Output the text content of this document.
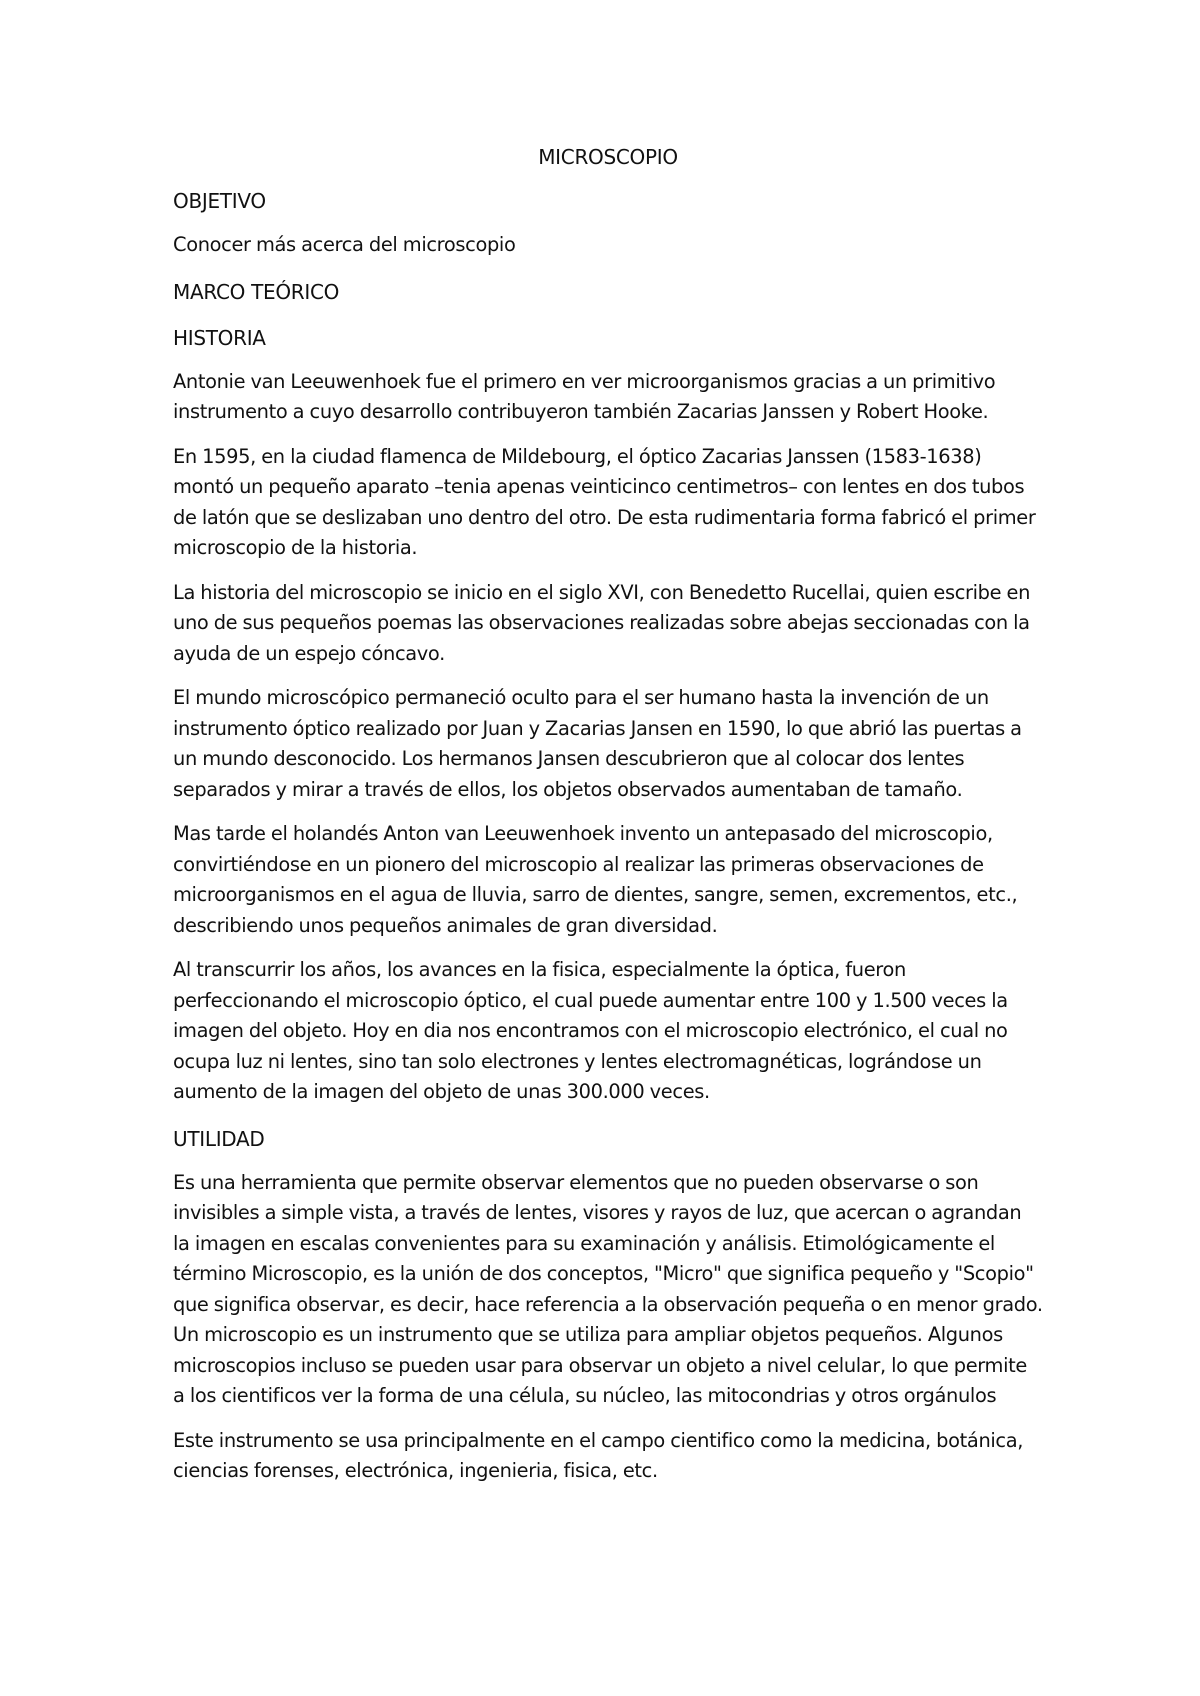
MICROSCOPIO
OBJETIVO

Conocer más acerca del microscopio

MARCO TEÓRICO
HISTORIA

Antonie van Leeuwenhoek fue el primero en ver microorganismos gracias a un primitivo instrumento a cuyo desarrollo contribuyeron también Zacarias Janssen y Robert Hooke.

En 1595, en la ciudad flamenca de Mildebourg, el óptico Zacarias Janssen (1583-1638) montó un pequeño aparato –tenia apenas veinticinco centimetros– con lentes en dos tubos de latón que se deslizaban uno dentro del otro. De esta rudimentaria forma fabricó el primer microscopio de la historia.

La historia del microscopio se inicio en el siglo XVI, con Benedetto Rucellai, quien escribe en uno de sus pequeños poemas las observaciones realizadas sobre abejas seccionadas con la ayuda de un espejo cóncavo.

El mundo microscópico permaneció oculto para el ser humano hasta la invención de un instrumento óptico realizado por Juan y Zacarias Jansen en 1590, lo que abrió las puertas a un mundo desconocido. Los hermanos Jansen descubrieron que al colocar dos lentes separados y mirar a través de ellos, los objetos observados aumentaban de tamaño.

Mas tarde el holandés Anton van Leeuwenhoek invento un antepasado del microscopio, convirtiéndose en un pionero del microscopio al realizar las primeras observaciones de microorganismos en el agua de lluvia, sarro de dientes, sangre, semen, excrementos, etc., describiendo unos pequeños animales de gran diversidad.

Al transcurrir los años, los avances en la fisica, especialmente la óptica, fueron perfeccionando el microscopio óptico, el cual puede aumentar entre 100 y 1.500 veces la imagen del objeto. Hoy en dia nos encontramos con el microscopio electrónico, el cual no ocupa luz ni lentes, sino tan solo electrones y lentes electromagnéticas, lográndose un aumento de la imagen del objeto de unas 300.000 veces.

UTILIDAD

Es una herramienta que permite observar elementos que no pueden observarse o son invisibles a simple vista, a través de lentes, visores y rayos de luz, que acercan o agrandan la imagen en escalas convenientes para su examinación y análisis. Etimológicamente el término Microscopio, es la unión de dos conceptos, "Micro" que significa pequeño y "Scopio" que significa observar, es decir, hace referencia a la observación pequeña o en menor grado. Un microscopio es un instrumento que se utiliza para ampliar objetos pequeños. Algunos microscopios incluso se pueden usar para observar un objeto a nivel celular, lo que permite a los cientificos ver la forma de una célula, su núcleo, las mitocondrias y otros orgánulos

Este instrumento se usa principalmente en el campo cientifico como la medicina, botánica, ciencias forenses, electrónica, ingenieria, fisica, etc.
